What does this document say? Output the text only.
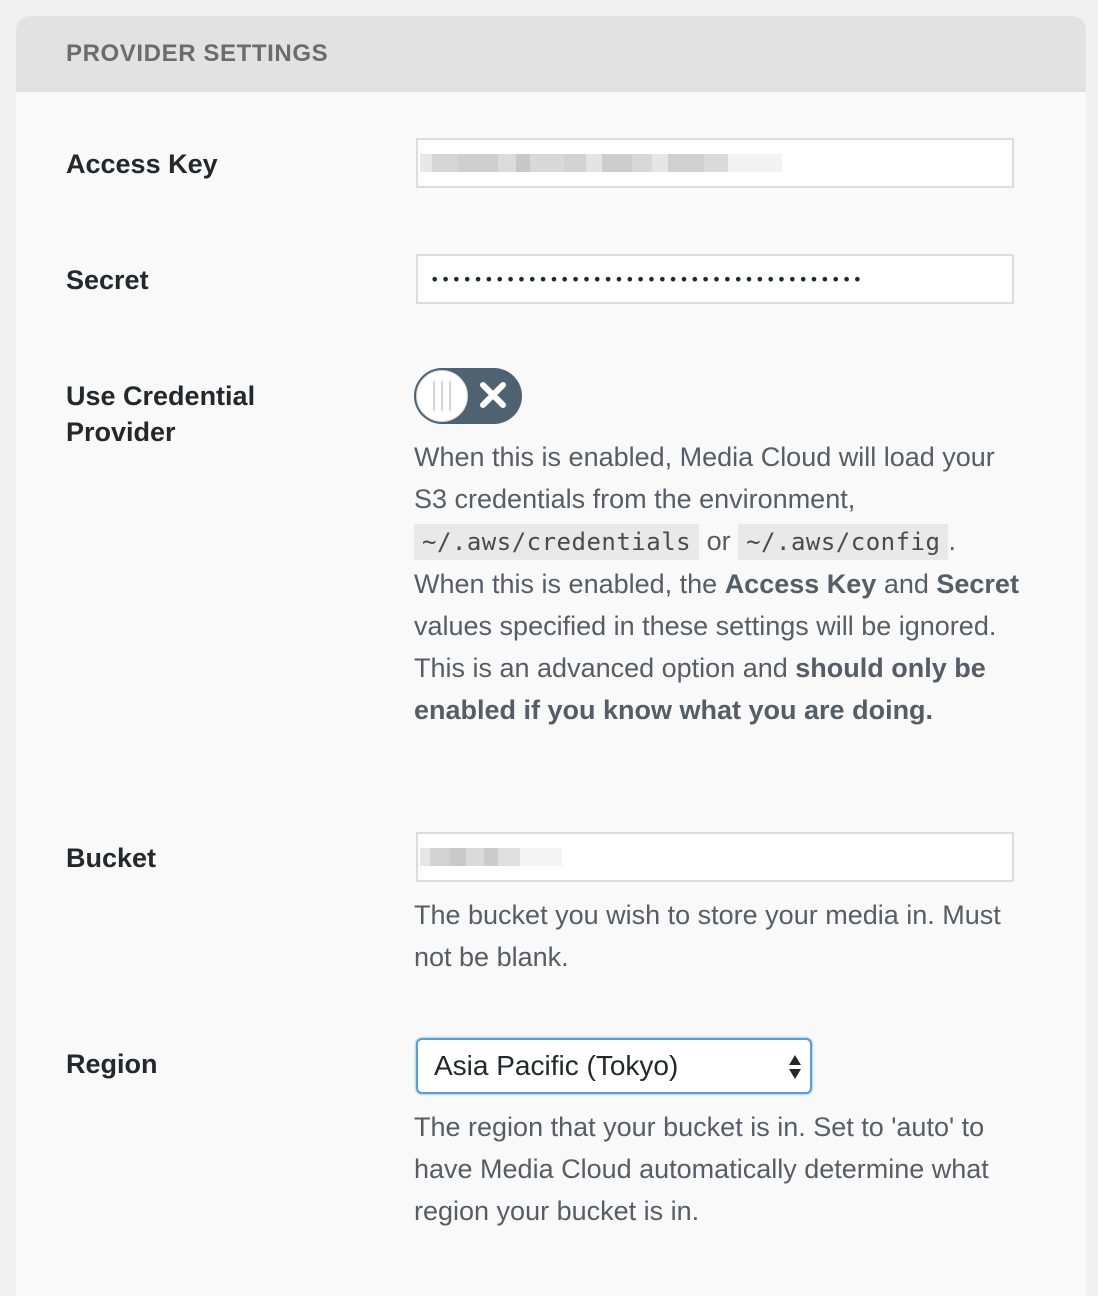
PROVIDER SETTINGS
Access Key
Secret	••••••••••••••••••••••••••••••••••••••••
Use Credential
Provider
When this is enabled, Media Cloud will load your S3 credentials from the environment, ~/.aws/credentials or ~/.aws/config . When this is enabled, the Access Key and Secret values specified in these settings will be ignored. This is an advanced option and should only be enabled if you know what you are doing.
Bucket
The bucket you wish to store your media in. Must not be blank.
Region	Asia Pacific (Tokyo)
The region that your bucket is in. Set to 'auto' to have Media Cloud automatically determine what region your bucket is in.
